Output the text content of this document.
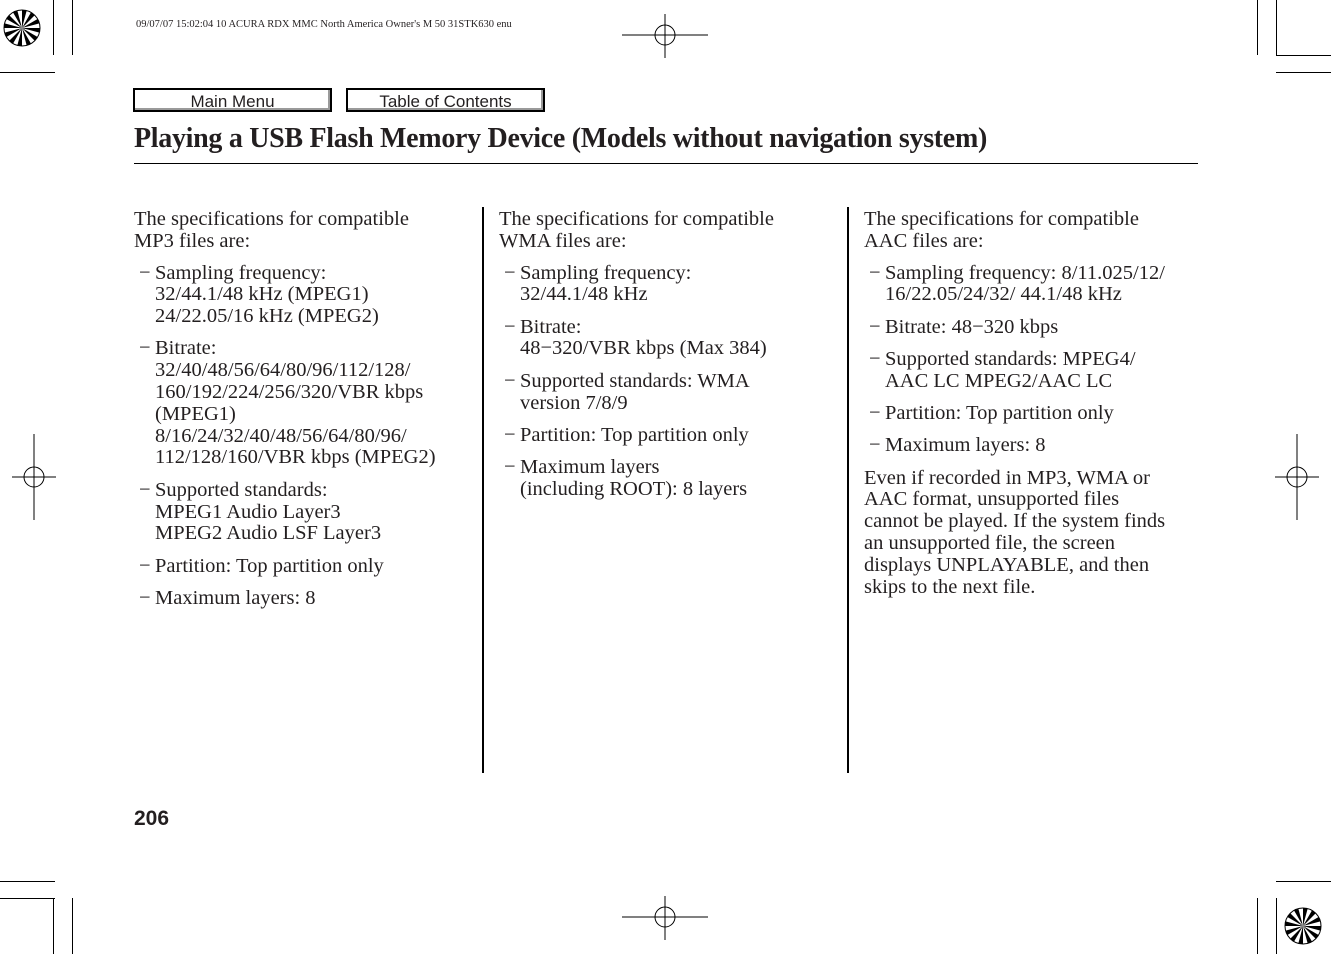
09/07/07 15:02:04 10 ACURA RDX MMC North America Owner's M 50 31STK630 enu
Main Menu	Table of Contents
Playing a USB Flash Memory Device (Models without navigation system)
The specifications for compatible
MP3 files are:
− Sampling frequency:
32/44.1/48 kHz (MPEG1)
24/22.05/16 kHz (MPEG2)
− Bitrate:
32/40/48/56/64/80/96/112/128/
160/192/224/256/320/VBR kbps
(MPEG1)
8/16/24/32/40/48/56/64/80/96/
112/128/160/VBR kbps (MPEG2)
− Supported standards:
MPEG1 Audio Layer3
MPEG2 Audio LSF Layer3
− Partition: Top partition only
− Maximum layers: 8
The specifications for compatible
WMA files are:
− Sampling frequency:
32/44.1/48 kHz
− Bitrate:
48−320/VBR kbps (Max 384)
− Supported standards: WMA
version 7/8/9
− Partition: Top partition only
− Maximum layers
(including ROOT): 8 layers
The specifications for compatible
AAC files are:
− Sampling frequency: 8/11.025/12/
16/22.05/24/32/ 44.1/48 kHz
− Bitrate: 48−320 kbps
− Supported standards: MPEG4/
AAC LC MPEG2/AAC LC
− Partition: Top partition only
− Maximum layers: 8
Even if recorded in MP3, WMA or
AAC format, unsupported files
cannot be played. If the system finds
an unsupported file, the screen
displays UNPLAYABLE, and then
skips to the next file.
206
